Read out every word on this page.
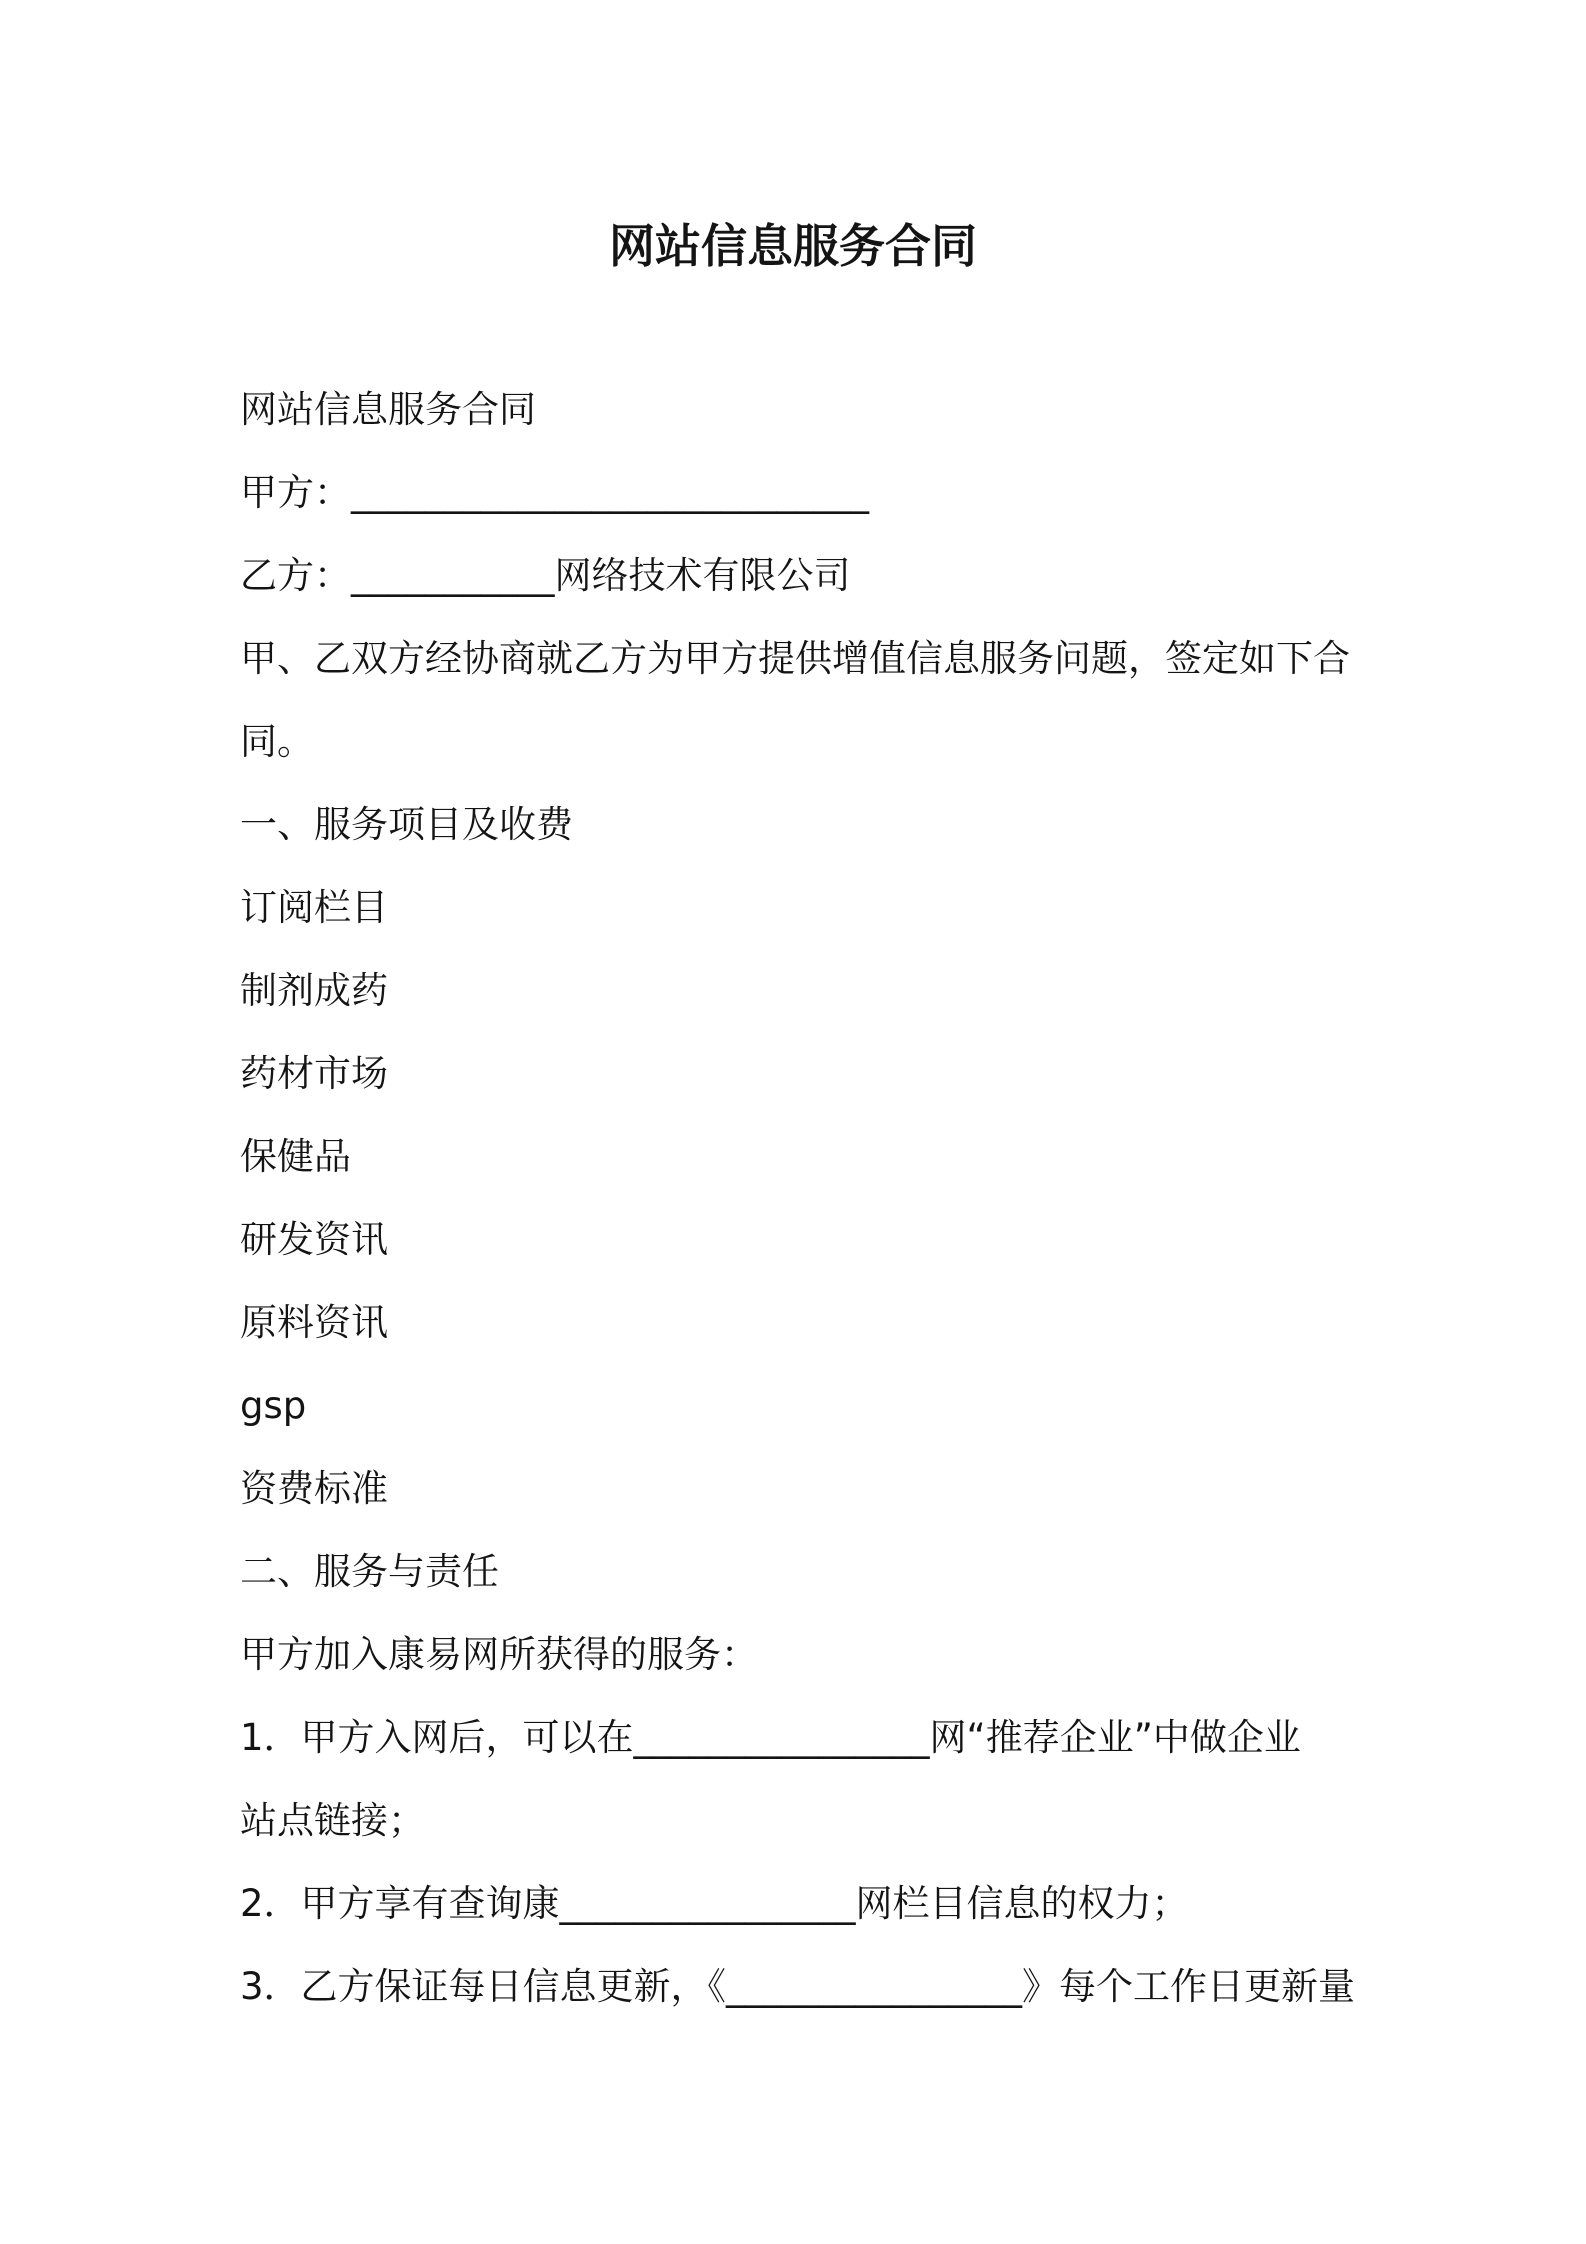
网站信息服务合同
网站信息服务合同
甲方：____________________________
乙方：___________网络技术有限公司
甲、乙双方经协商就乙方为甲方提供增值信息服务问题，签定如下合
同。
一、服务项目及收费
订阅栏目
制剂成药
药材市场
保健品
研发资讯
原料资讯
gsp
资费标准
二、服务与责任
甲方加入康易网所获得的服务：
1．甲方入网后，可以在________________网“推荐企业”中做企业
站点链接；
2．甲方享有查询康________________网栏目信息的权力；
3．乙方保证每日信息更新，《________________》每个工作日更新量
